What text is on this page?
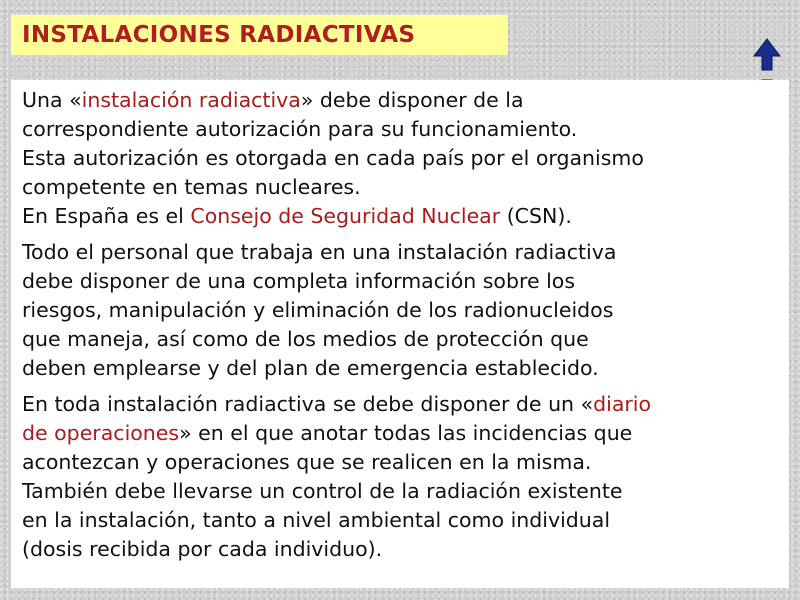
INSTALACIONES RADIACTIVAS

Una «instalación radiactiva» debe disponer de la
correspondiente autorización para su funcionamiento.
Esta autorización es otorgada en cada país por el organismo
competente en temas nucleares.
En España es el Consejo de Seguridad Nuclear (CSN).

Todo el personal que trabaja en una instalación radiactiva
debe disponer de una completa información sobre los
riesgos, manipulación y eliminación de los radionucleidos
que maneja, así como de los medios de protección que
deben emplearse y del plan de emergencia establecido.

En toda instalación radiactiva se debe disponer de un «diario
de operaciones» en el que anotar todas las incidencias que
acontezcan y operaciones que se realicen en la misma.
También debe llevarse un control de la radiación existente
en la instalación, tanto a nivel ambiental como individual
(dosis recibida por cada individuo).
